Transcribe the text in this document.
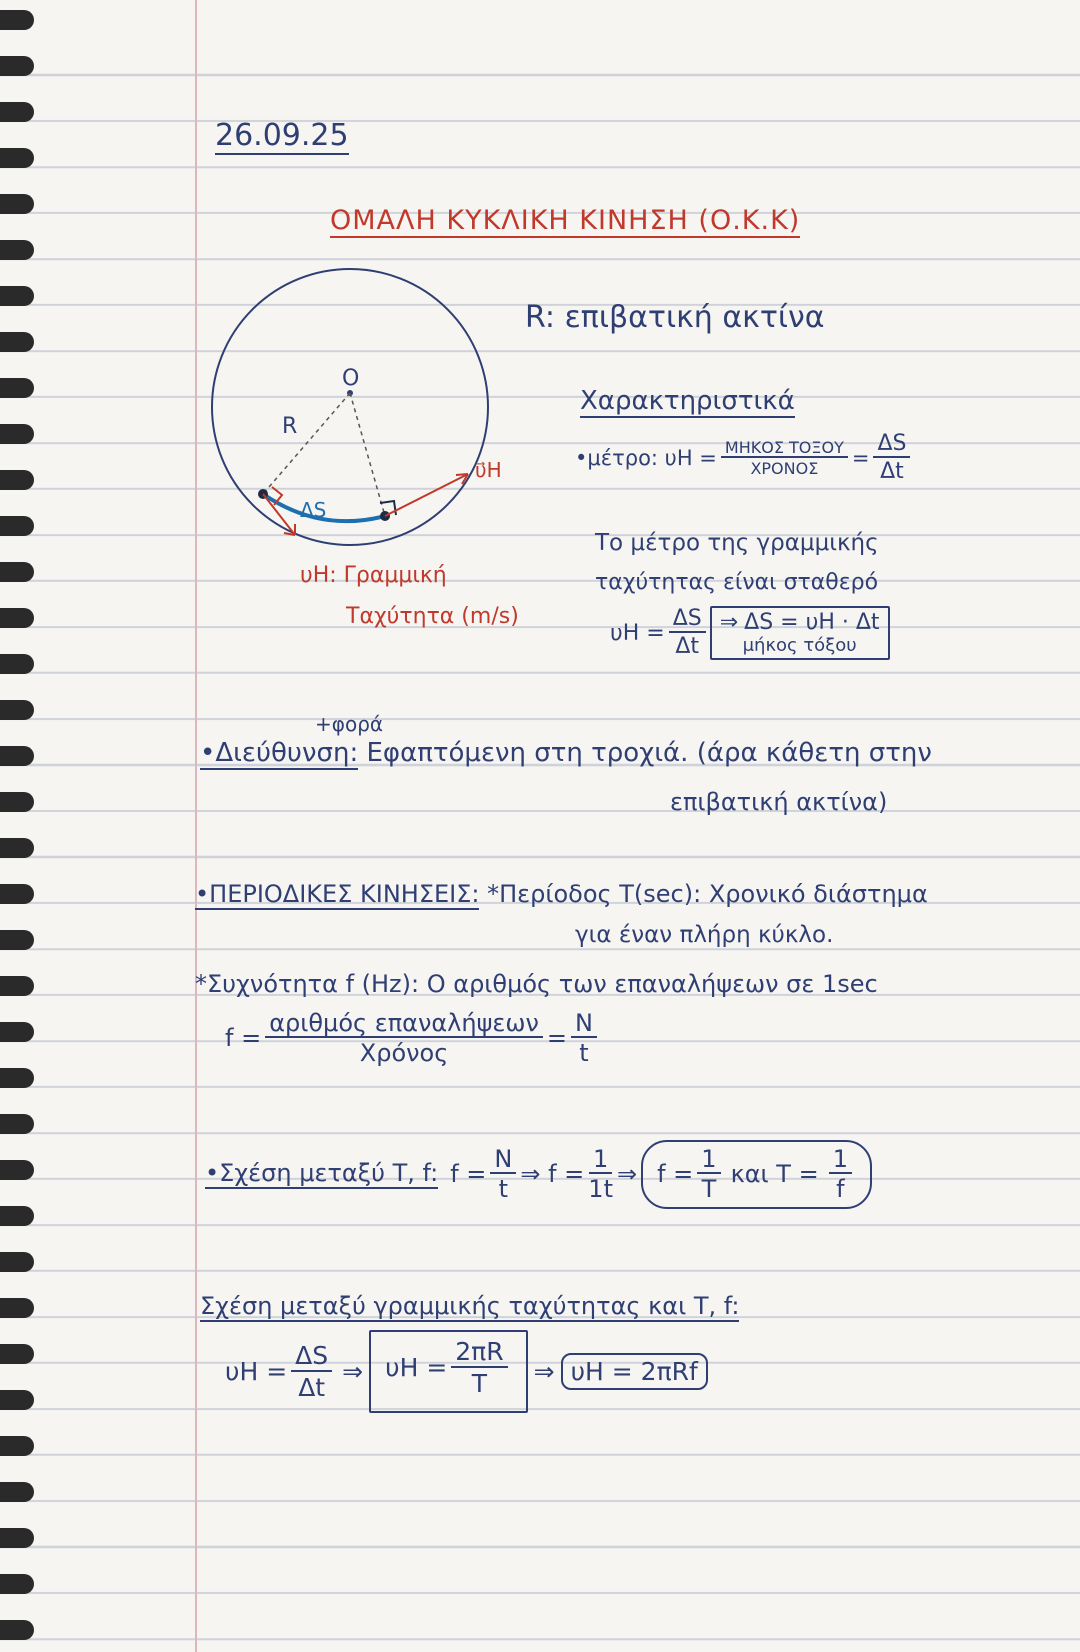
26.09.25
ΟΜΑΛΗ ΚΥΚΛΙΚΗ ΚΙΝΗΣΗ (Ο.Κ.Κ)
Ο
R
ΔS
υ⃗Η
υΗ: Γραμμική
Ταχύτητα (m/s)
R: επιβατική ακτίνα
Χαρακτηριστικά
•μέτρο: $\upsilon H = \frac{\text{ΜΗΚΟΣ ΤΟΞΟΥ}}{\text{ΧΡΟΝΟΣ}} = \frac{\Delta S}{\Delta t}$
Το μέτρο της γραμμικής
ταχύτητας είναι σταθερό
$\upsilon H = \frac{\Delta S}{\Delta t}$ ⇒ ΔS = υΗ · Δt
μήκος τόξου
+φορά
•Διεύθυνση: Εφαπτόμενη στη τροχιά. (άρα κάθετη στην
επιβατική ακτίνα)
•ΠΕΡΙΟΔΙΚΕΣ ΚΙΝΗΣΕΙΣ: *Περίοδος T(sec): Χρονικό διάστημα
για έναν πλήρη κύκλο.
*Συχνότητα f (Hz): Ο αριθμός των επαναλήψεων σε 1sec
$f = \frac{\text{αριθμός επαναλήψεων}}{\text{Χρόνος}} = \frac{N}{t}$
•Σχέση μεταξύ T, f: $f = \frac{N}{t}$ ⇒ $f = \frac{1}{1t}$ ⇒ $f = \frac{1}{T}$ και $T = \frac{1}{f}$
Σχέση μεταξύ γραμμικής ταχύτητας και T, f:
$\upsilon H = \frac{\Delta S}{\Delta t}$ ⇒ $\upsilon H = \frac{2\pi R}{T}$ ⇒ υΗ = 2πRf
